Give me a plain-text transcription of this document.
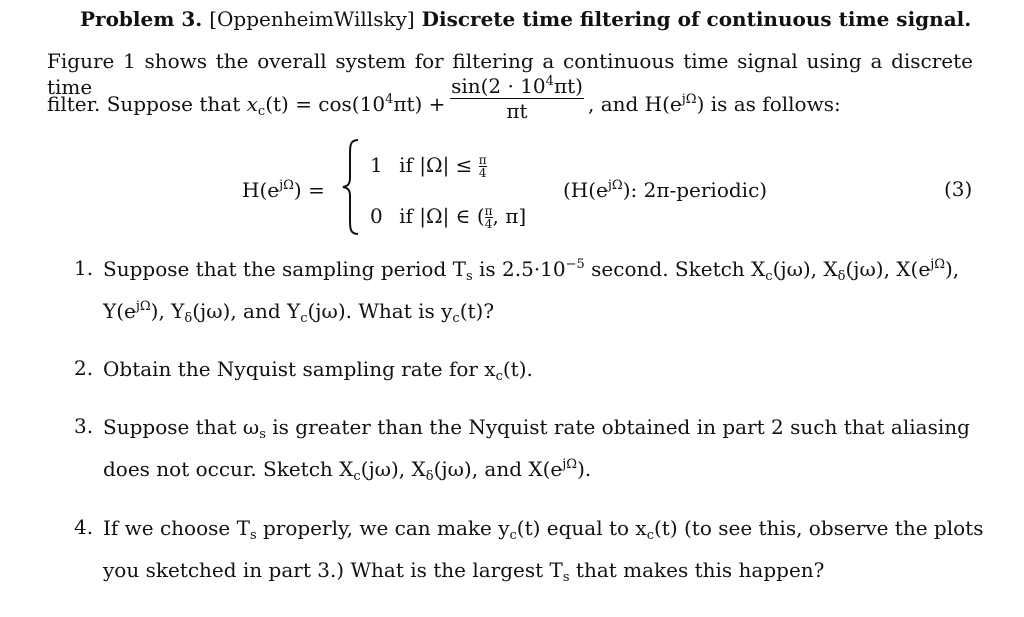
Problem 3. [OppenheimWillsky] Discrete time filtering of continuous time signal.
Figure 1 shows the overall system for filtering a continuous time signal using a discrete time
filter. Suppose that $x_c(t) = \cos(10^4\pi t)$ +
$\sin(2 \cdot 10^4\pi t)$
πt	, and $H(e^{j\Omega})$ is as follows:
$H(e^{j\Omega})$ =
1 if $|\Omega| \le \frac{\pi}{4}$
0 if |Ω| ∈ ($\frac{\pi}{4}$, π]
($H(e^{j\Omega})$: 2π-periodic)	(3)
1. Suppose that the sampling period $T_s$ is $2.5\cdot 10^{-5}$ second. Sketch $X_c(j\omega)$, $X_\delta(j\omega)$, $X(e^{j\Omega})$,
$Y(e^{j\Omega})$, $Y_\delta(j\omega)$, and $Y_c(j\omega)$. What is $y_c(t)$?
2. Obtain the Nyquist sampling rate for $x_c(t)$.
3. Suppose that $\omega_s$ is greater than the Nyquist rate obtained in part 2 such that aliasing
does not occur. Sketch $X_c(j\omega)$, $X_\delta(j\omega)$, and $X(e^{j\Omega})$.
4. If we choose $T_s$ properly, we can make $y_c(t)$ equal to $x_c(t)$ (to see this, observe the plots
you sketched in part 3.) What is the largest $T_s$ that makes this happen?
